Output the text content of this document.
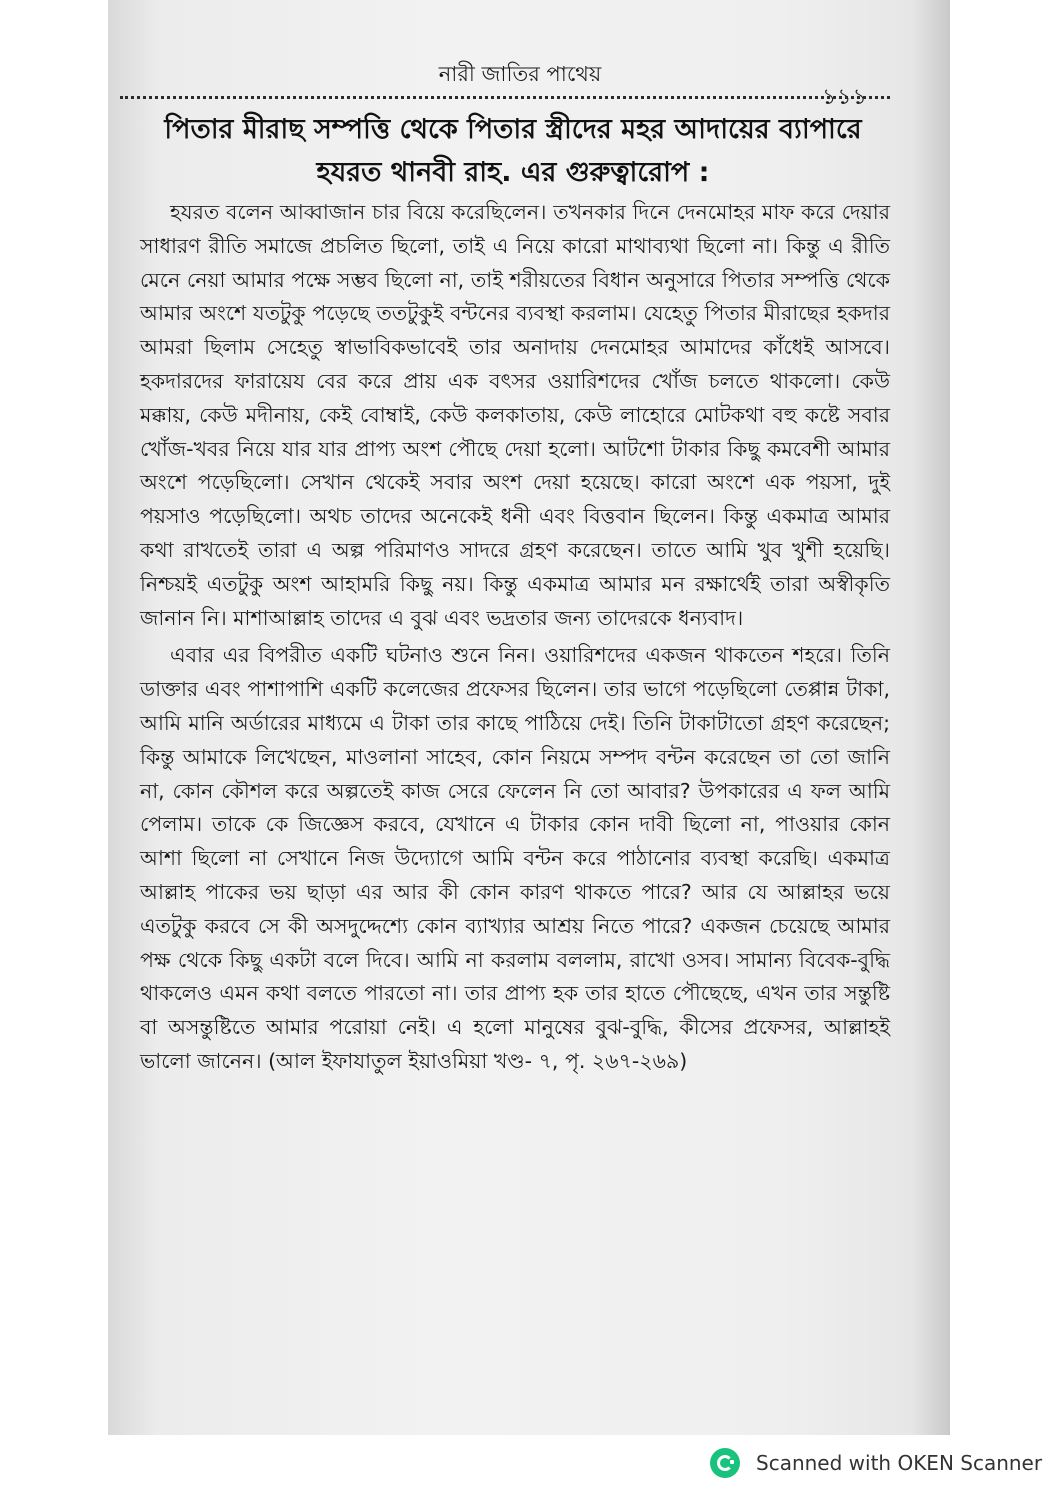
নারী জাতির পাথেয়
১১১
পিতার মীরাছ সম্পত্তি থেকে পিতার স্ত্রীদের মহর আদায়ের ব্যাপারে হযরত থানবী রাহ. এর গুরুত্বারোপ :

হযরত বলেন আব্বাজান চার বিয়ে করেছিলেন। তখনকার দিনে দেনমোহর মাফ করে দেয়ার সাধারণ রীতি সমাজে প্রচলিত ছিলো, তাই এ নিয়ে কারো মাথাব্যথা ছিলো না। কিন্তু এ রীতি মেনে নেয়া আমার পক্ষে সম্ভব ছিলো না, তাই শরীয়তের বিধান অনুসারে পিতার সম্পত্তি থেকে আমার অংশে যতটুকু পড়েছে ততটুকুই বন্টনের ব্যবস্থা করলাম। যেহেতু পিতার মীরাছের হকদার আমরা ছিলাম সেহেতু স্বাভাবিকভাবেই তার অনাদায় দেনমোহর আমাদের কাঁধেই আসবে। হকদারদের ফারায়েয বের করে প্রায় এক বৎসর ওয়ারিশদের খোঁজ চলতে থাকলো। কেউ মক্কায়, কেউ মদীনায়, কেই বোম্বাই, কেউ কলকাতায়, কেউ লাহোরে মোটকথা বহু কষ্টে সবার খোঁজ-খবর নিয়ে যার যার প্রাপ্য অংশ পৌছে দেয়া হলো। আটশো টাকার কিছু কমবেশী আমার অংশে পড়েছিলো। সেখান থেকেই সবার অংশ দেয়া হয়েছে। কারো অংশে এক পয়সা, দুই পয়সাও পড়েছিলো। অথচ তাদের অনেকেই ধনী এবং বিত্তবান ছিলেন। কিন্তু একমাত্র আমার কথা রাখতেই তারা এ অল্প পরিমাণও সাদরে গ্রহণ করেছেন। তাতে আমি খুব খুশী হয়েছি। নিশ্চয়ই এতটুকু অংশ আহামরি কিছু নয়। কিন্তু একমাত্র আমার মন রক্ষার্থেই তারা অস্বীকৃতি জানান নি। মাশাআল্লাহ তাদের এ বুঝ এবং ভদ্রতার জন্য তাদেরকে ধন্যবাদ।

এবার এর বিপরীত একটি ঘটনাও শুনে নিন। ওয়ারিশদের একজন থাকতেন শহরে। তিনি ডাক্তার এবং পাশাপাশি একটি কলেজের প্রফেসর ছিলেন। তার ভাগে পড়েছিলো তেপ্পান্ন টাকা, আমি মানি অর্ডারের মাধ্যমে এ টাকা তার কাছে পাঠিয়ে দেই। তিনি টাকাটাতো গ্রহণ করেছেন; কিন্তু আমাকে লিখেছেন, মাওলানা সাহেব, কোন নিয়মে সম্পদ বন্টন করেছেন তা তো জানি না, কোন কৌশল করে অল্পতেই কাজ সেরে ফেলেন নি তো আবার? উপকারের এ ফল আমি পেলাম। তাকে কে জিজ্ঞেস করবে, যেখানে এ টাকার কোন দাবী ছিলো না, পাওয়ার কোন আশা ছিলো না সেখানে নিজ উদ্যোগে আমি বন্টন করে পাঠানোর ব্যবস্থা করেছি। একমাত্র আল্লাহ পাকের ভয় ছাড়া এর আর কী কোন কারণ থাকতে পারে? আর যে আল্লাহর ভয়ে এতটুকু করবে সে কী অসদুদ্দেশ্যে কোন ব্যাখ্যার আশ্রয় নিতে পারে? একজন চেয়েছে আমার পক্ষ থেকে কিছু একটা বলে দিবে। আমি না করলাম বললাম, রাখো ওসব। সামান্য বিবেক-বুদ্ধি থাকলেও এমন কথা বলতে পারতো না। তার প্রাপ্য হক তার হাতে পৌছেছে, এখন তার সন্তুষ্টি বা অসন্তুষ্টিতে আমার পরোয়া নেই। এ হলো মানুষের বুঝ-বুদ্ধি, কীসের প্রফেসর, আল্লাহই ভালো জানেন। (আল ইফাযাতুল ইয়াওমিয়া খণ্ড- ৭, পৃ. ২৬৭-২৬৯)

Scanned with OKEN Scanner
